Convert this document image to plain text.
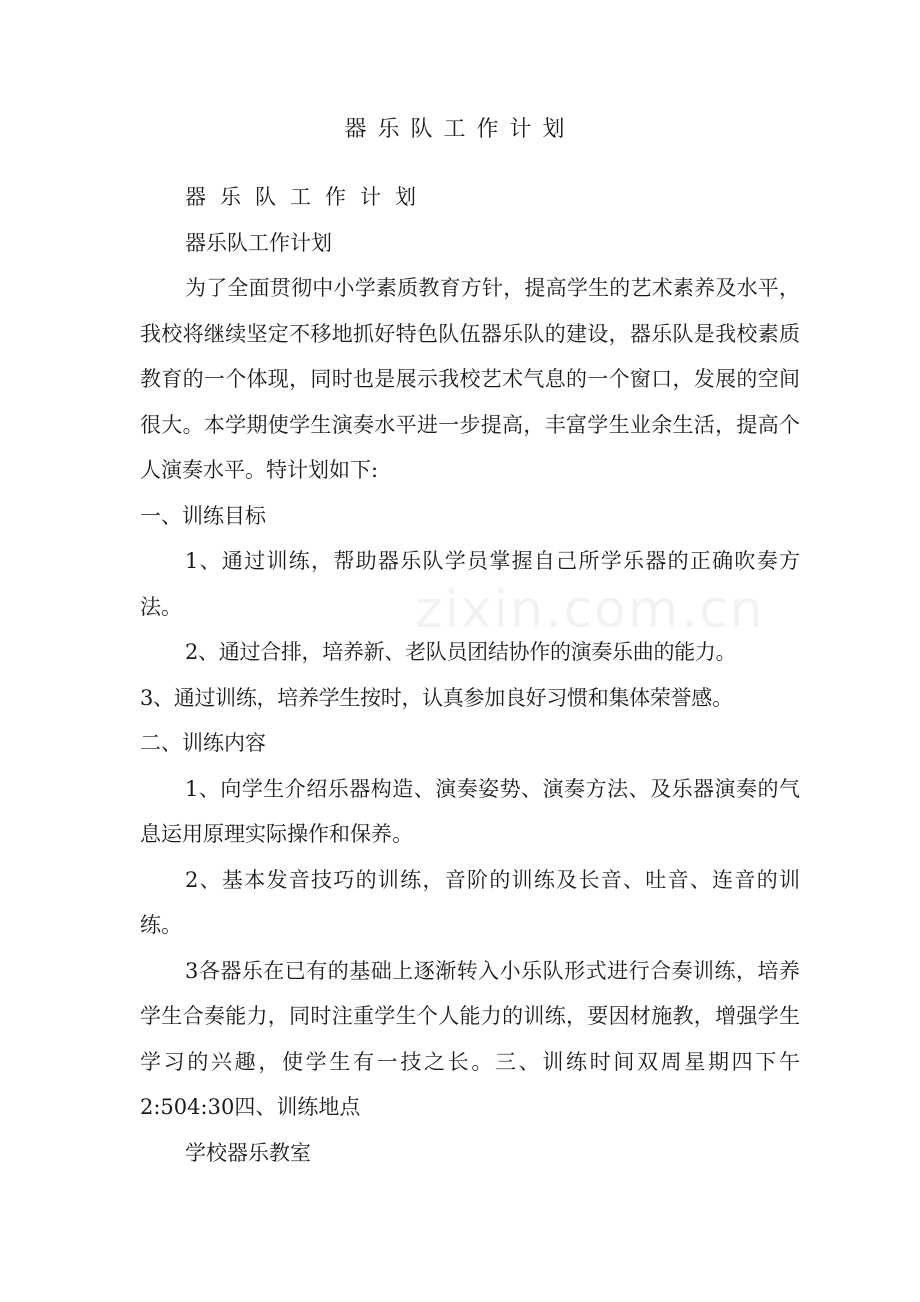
器乐队工作计划
zixin.com.cn

器乐队工作计划

器乐队工作计划

为了全面贯彻中小学素质教育方针，提高学生的艺术素养及水平，我校将继续坚定不移地抓好特色队伍器乐队的建设，器乐队是我校素质教育的一个体现，同时也是展示我校艺术气息的一个窗口，发展的空间很大。本学期使学生演奏水平进一步提高，丰富学生业余生活，提高个人演奏水平。特计划如下:

一、训练目标

1、通过训练，帮助器乐队学员掌握自己所学乐器的正确吹奏方法。

2、通过合排，培养新、老队员团结协作的演奏乐曲的能力。

3、通过训练，培养学生按时，认真参加良好习惯和集体荣誉感。

二、训练内容

1、向学生介绍乐器构造、演奏姿势、演奏方法、及乐器演奏的气息运用原理实际操作和保养。

2、基本发音技巧的训练，音阶的训练及长音、吐音、连音的训练。

3各器乐在已有的基础上逐渐转入小乐队形式进行合奏训练，培养学生合奏能力，同时注重学生个人能力的训练，要因材施教，增强学生学习的兴趣，使学生有一技之长。三、训练时间双周星期四下午2:504:30四、训练地点

学校器乐教室
